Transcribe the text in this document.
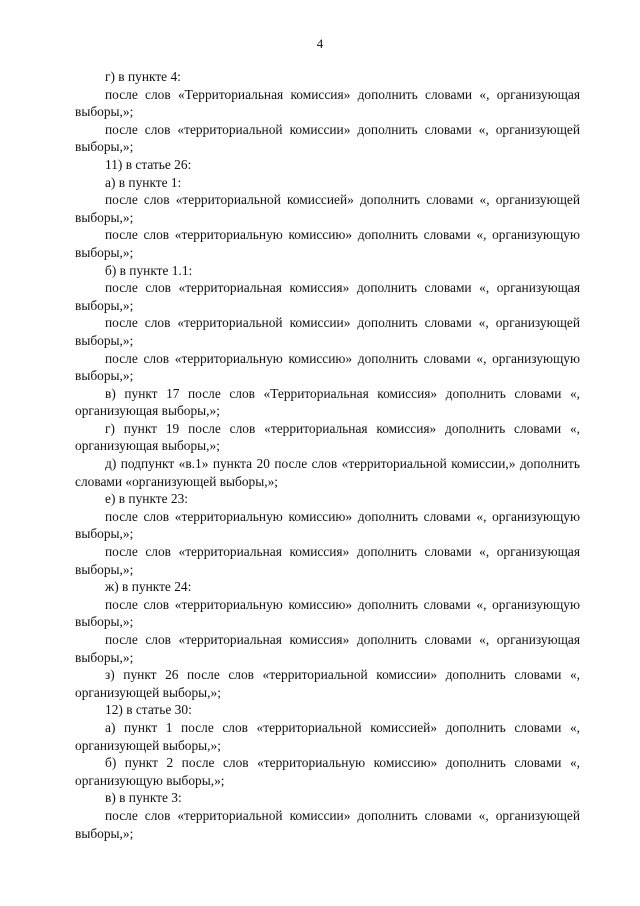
4

г) в пункте 4:

после слов «Территориальная комиссия» дополнить словами «, организующая выборы,»;

после слов «территориальной комиссии» дополнить словами «, организующей выборы,»;

11) в статье 26:

а) в пункте 1:

после слов «территориальной комиссией» дополнить словами «, организующей выборы,»;

после слов «территориальную комиссию» дополнить словами «, организующую выборы,»;

б) в пункте 1.1:

после слов «территориальная комиссия» дополнить словами «, организующая выборы,»;

после слов «территориальной комиссии» дополнить словами «, организующей выборы,»;

после слов «территориальную комиссию» дополнить словами «, организующую выборы,»;

в) пункт 17 после слов «Территориальная комиссия» дополнить словами «, организующая выборы,»;

г) пункт 19 после слов «территориальная комиссия» дополнить словами «, организующая выборы,»;

д) подпункт «в.1» пункта 20 после слов «территориальной комиссии,» дополнить словами «организующей выборы,»;

е) в пункте 23:

после слов «территориальную комиссию» дополнить словами «, организующую выборы,»;

после слов «территориальная комиссия» дополнить словами «, организующая выборы,»;

ж) в пункте 24:

после слов «территориальную комиссию» дополнить словами «, организующую выборы,»;

после слов «территориальная комиссия» дополнить словами «, организующая выборы,»;

з) пункт 26 после слов «территориальной комиссии» дополнить словами «, организующей выборы,»;

12) в статье 30:

а) пункт 1 после слов «территориальной комиссией» дополнить словами «, организующей выборы,»;

б) пункт 2 после слов «территориальную комиссию» дополнить словами «, организующую выборы,»;

в) в пункте 3:

после слов «территориальной комиссии» дополнить словами «, организующей выборы,»;
